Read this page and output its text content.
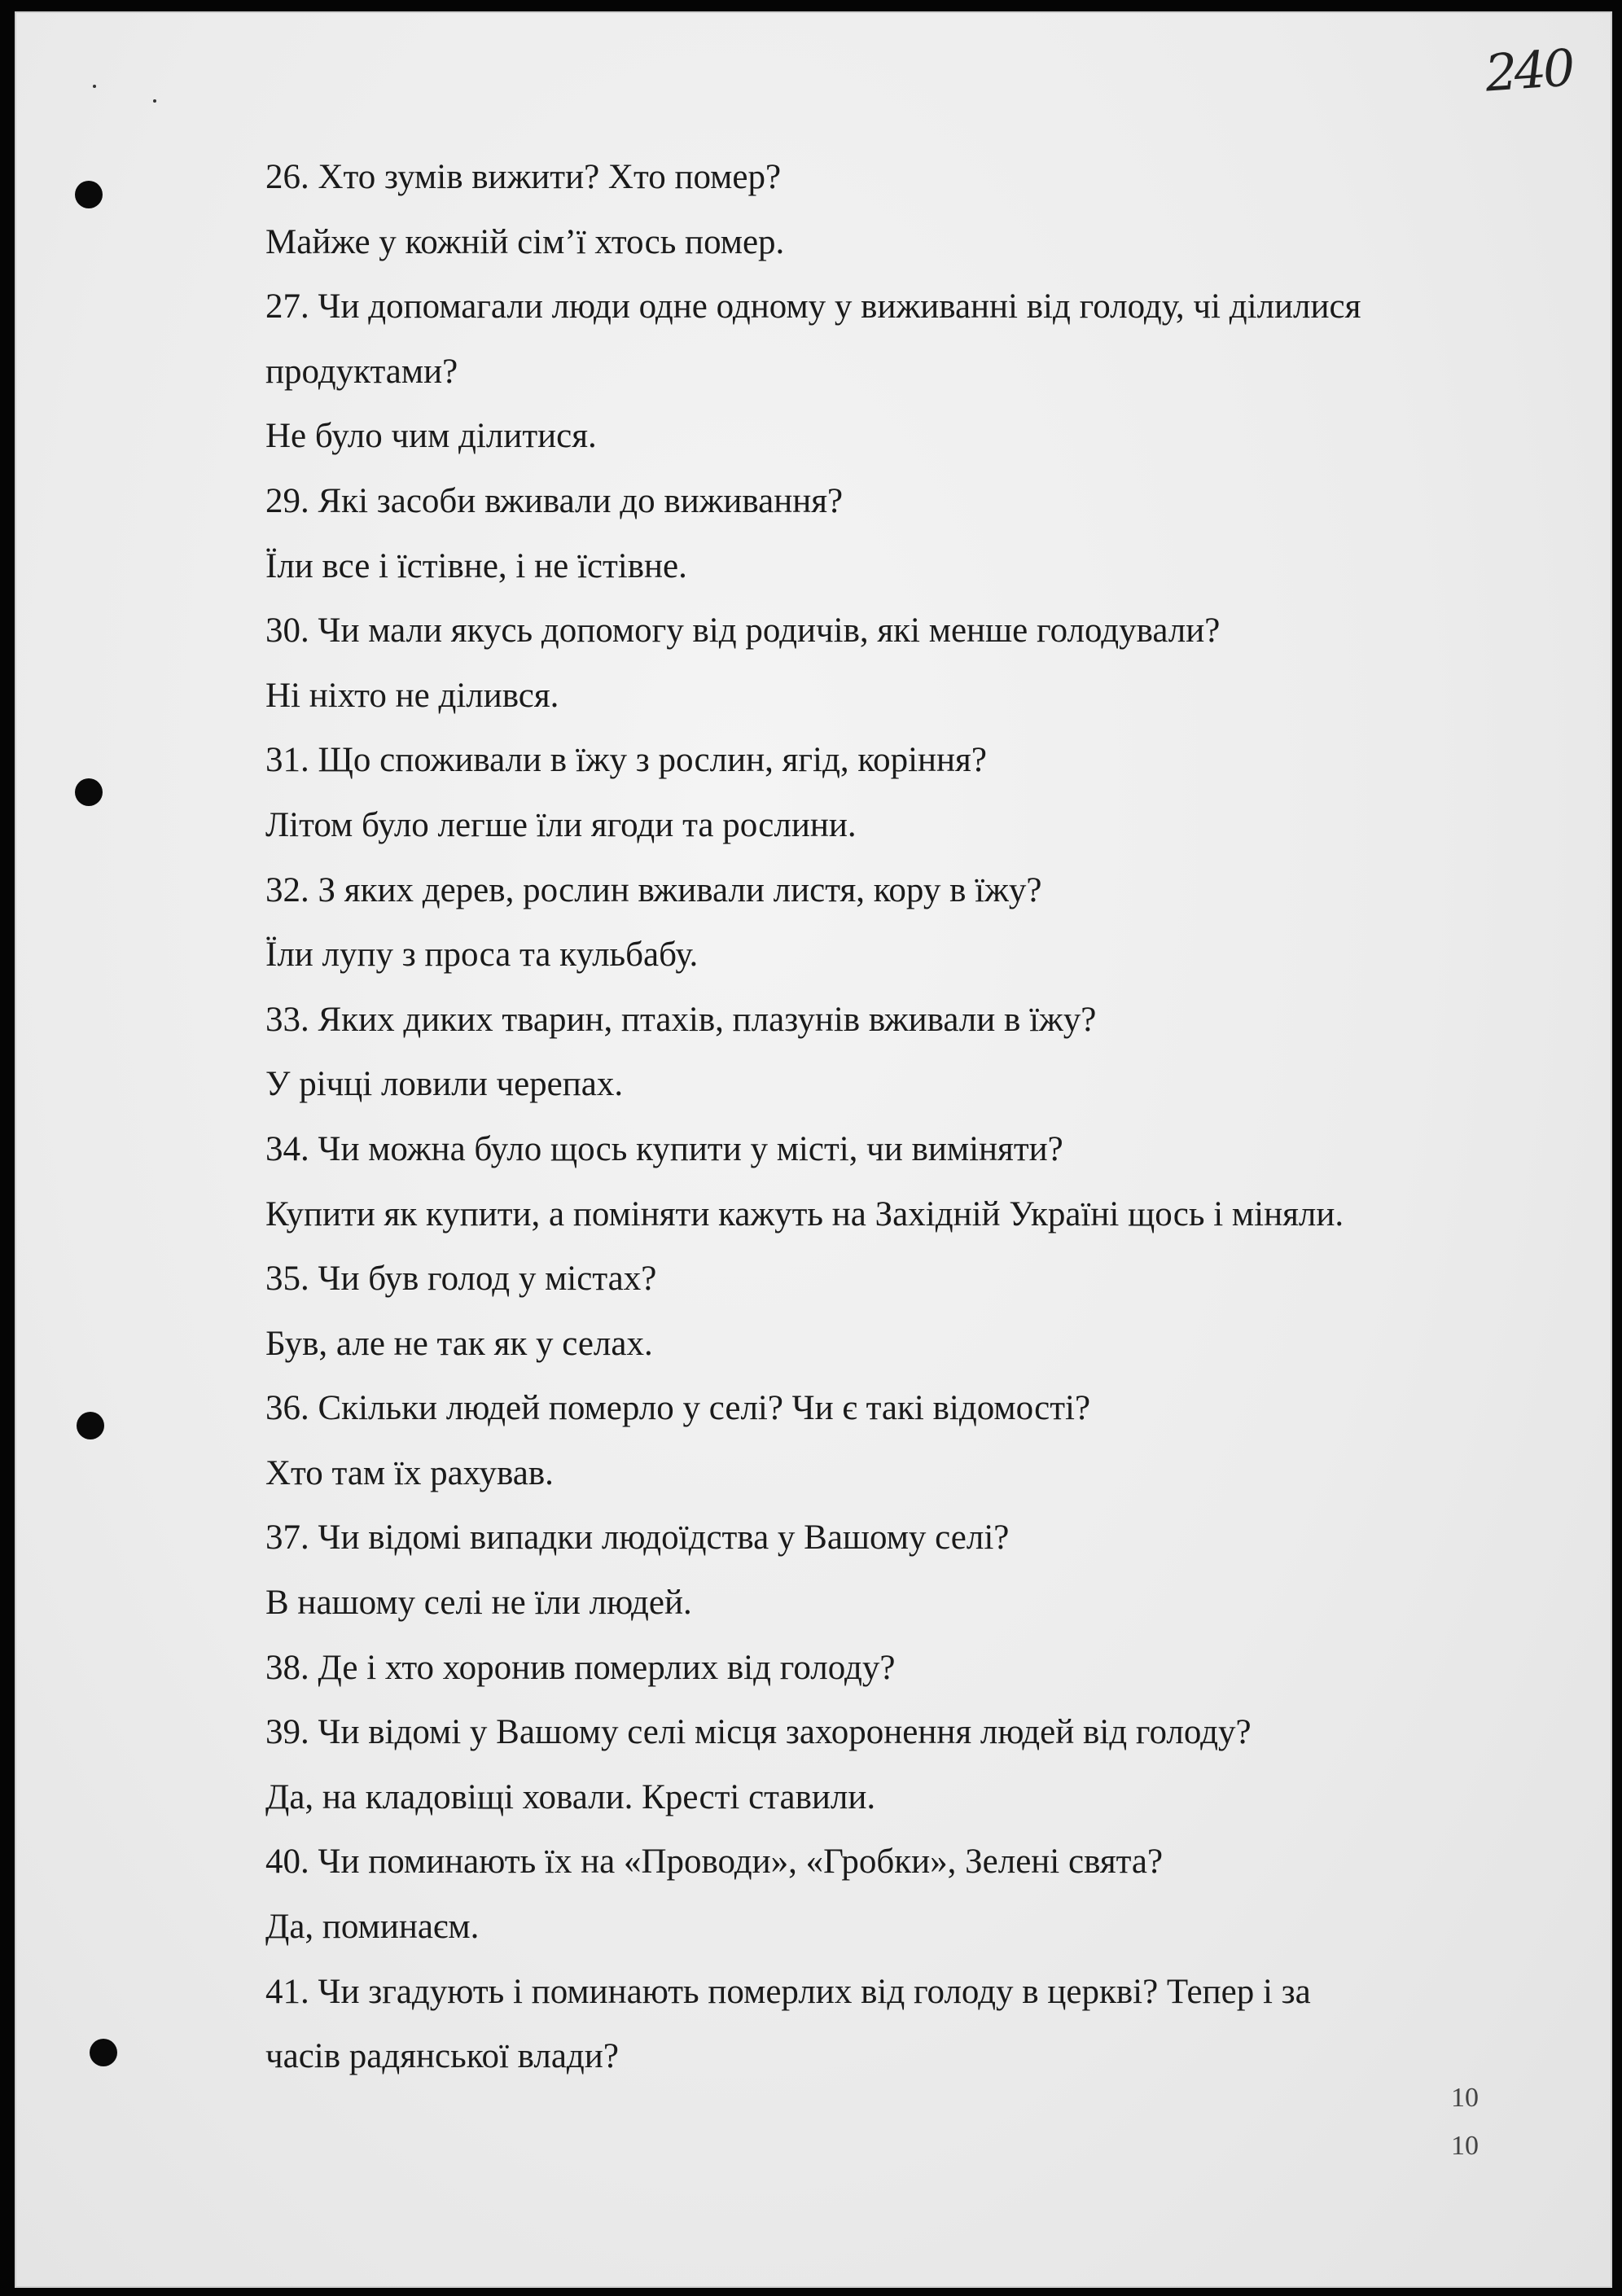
240
26. Хто зумів вижити? Хто помер?
Майже у кожній сім’ї хтось помер.
27. Чи допомагали люди одне одному у виживанні від голоду, чі ділилися
продуктами?
Не було чим ділитися.
29. Які засоби вживали до виживання?
Їли все і їстівне, і не їстівне.
30. Чи мали якусь допомогу від родичів, які менше голодували?
Ні ніхто не ділився.
31. Що споживали в їжу з рослин, ягід, коріння?
Літом було легше їли ягоди та рослини.
32. З яких дерев, рослин вживали листя, кору в їжу?
Їли лупу з проса та кульбабу.
33. Яких диких тварин, птахів, плазунів вживали в їжу?
У річці ловили черепах.
34. Чи можна було щось купити у місті, чи виміняти?
Купити як купити, а поміняти кажуть на Західній Україні щось і міняли.
35. Чи був голод у містах?
Був, але не так як у селах.
36. Скільки людей померло у селі? Чи є такі відомості?
Хто там їх рахував.
37. Чи відомі випадки людоїдства у Вашому селі?
В нашому селі не їли людей.
38. Де і хто хоронив померлих від голоду?
39. Чи відомі у Вашому селі місця захоронення людей від голоду?
Да, на кладовіщі ховали. Кресті ставили.
40. Чи поминають їх на «Проводи», «Гробки», Зелені свята?
Да, поминаєм.
41. Чи згадують і поминають померлих від голоду в церкві? Тепер і за
часів радянської влади?
10
